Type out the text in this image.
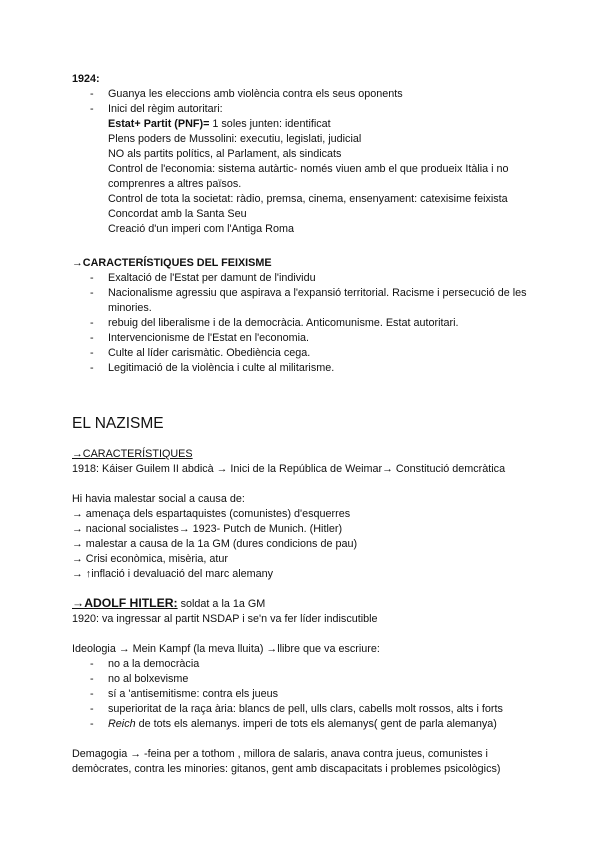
1924:
-	Guanya les eleccions amb violència contra els seus oponents
-	Inici del règim autoritari:
Estat+ Partit (PNF)= 1 soles junten: identificat
Plens poders de Mussolini: executiu, legislati, judicial
NO als partits polítics, al Parlament, als sindicats
Control de l'economia: sistema autàrtic- només viuen amb el que produeix Itàlia i no comprenres a altres països.
Control de tota la societat: ràdio, premsa, cinema, ensenyament: catexisime feixista
Concordat amb la Santa Seu
Creació d'un imperi com l'Antiga Roma
→CARACTERÍSTIQUES DEL FEIXISME
-	Exaltació de l'Estat per damunt de l'individu
-	Nacionalisme agressiu que aspirava a l'expansió territorial. Racisme i persecució de les minories.
-	rebuig del liberalisme i de la democràcia. Anticomunisme. Estat autoritari.
-	Intervencionisme de l'Estat en l'economia.
-	Culte al líder carismàtic. Obediència cega.
-	Legitimació de la violència i culte al militarisme.
EL NAZISME
→CARACTERÍSTIQUES
1918: Káiser Guilem II abdicà → Inici de la República de Weimar→ Constitució demcràtica
Hi havia malestar social a causa de:
→ amenaça dels espartaquistes (comunistes) d'esquerres
→ nacional socialistes→ 1923- Putch de Munich. (Hitler)
→ malestar a causa de la 1a GM (dures condicions de pau)
→ Crisi econòmica, misèria, atur
→ ↑inflació i devaluació del marc alemany
→ADOLF HITLER: soldat a la 1a GM
1920: va ingressar al partit NSDAP i se'n va fer líder indiscutible
Ideologia → Mein Kampf (la meva lluita) →llibre que va escriure:
-	no a la democràcia
-	no al bolxevisme
-	sí a 'antisemitisme: contra els jueus
-	superioritat de la raça ària: blancs de pell, ulls clars, cabells molt rossos, alts i forts
-	Reich de tots els alemanys. imperi de tots els alemanys( gent de parla alemanya)
Demagogia → -feina per a tothom , millora de salaris, anava contra jueus, comunistes i demòcrates, contra les minories: gitanos, gent amb discapacitats i problemes psicològics)
